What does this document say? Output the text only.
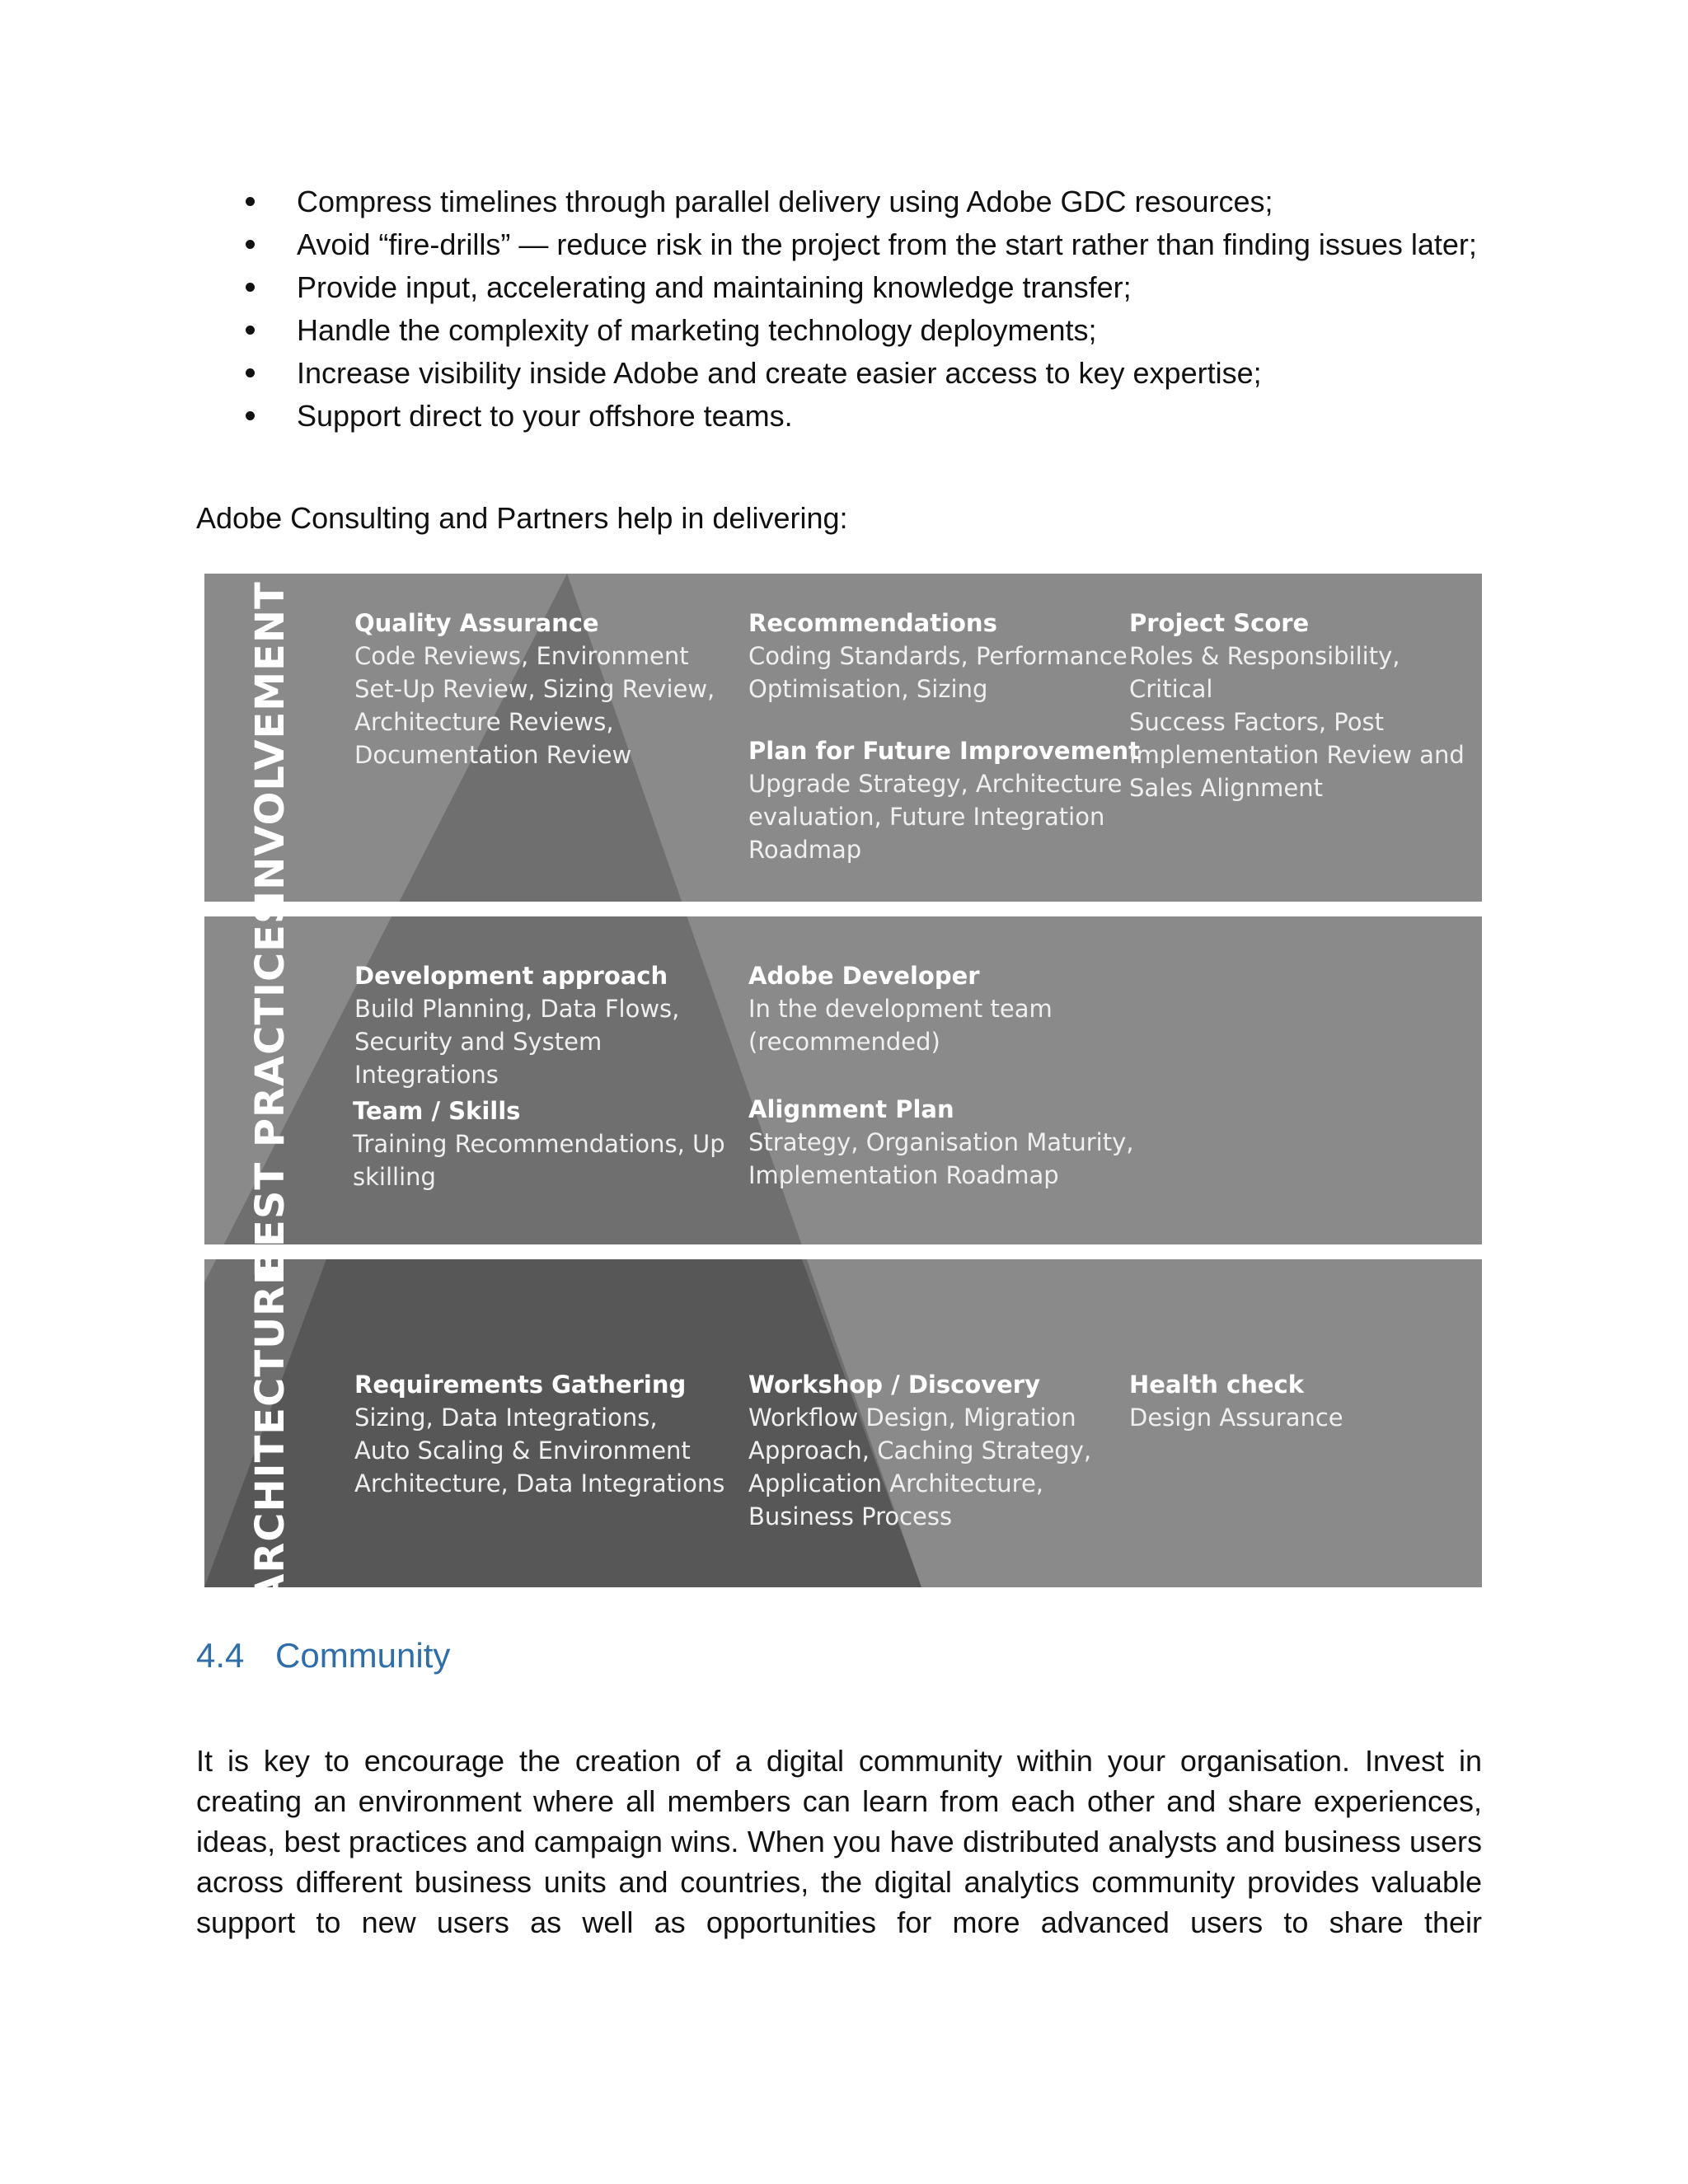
Compress timelines through parallel delivery using Adobe GDC resources;
Avoid “fire-drills” — reduce risk in the project from the start rather than finding issues later;
Provide input, accelerating and maintaining knowledge transfer;
Handle the complexity of marketing technology deployments;
Increase visibility inside Adobe and create easier access to key expertise;
Support direct to your offshore teams.

Adobe Consulting and Partners help in delivering:

INVOLVEMENT
BEST PRACTICES
ARCHITECTURE
Quality Assurance
Code Reviews, Environment
Set-Up Review, Sizing Review,
Architecture Reviews,
Documentation Review
Recommendations
Coding Standards, Performance
Optimisation, Sizing
Plan for Future Improvement
Upgrade Strategy, Architecture
evaluation, Future Integration
Roadmap
Project Score
Roles & Responsibility, Critical
Success Factors, Post
Implementation Review and
Sales Alignment
Development approach
Build Planning, Data Flows,
Security and System
Integrations
Team / Skills
Training Recommendations, Up
skilling
Adobe Developer
In the development team
(recommended)
Alignment Plan
Strategy, Organisation Maturity,
Implementation Roadmap
Requirements Gathering
Sizing, Data Integrations,
Auto Scaling & Environment
Architecture, Data Integrations
Workshop / Discovery
Workflow Design, Migration
Approach, Caching Strategy,
Application Architecture,
Business Process
Health check
Design Assurance
4.4 Community

It is key to encourage the creation of a digital community within your organisation. Invest in creating an environment where all members can learn from each other and share experiences, ideas, best practices and campaign wins. When you have distributed analysts and business users across different business units and countries, the digital analytics community provides valuable support to new users as well as opportunities for more advanced users to share their
